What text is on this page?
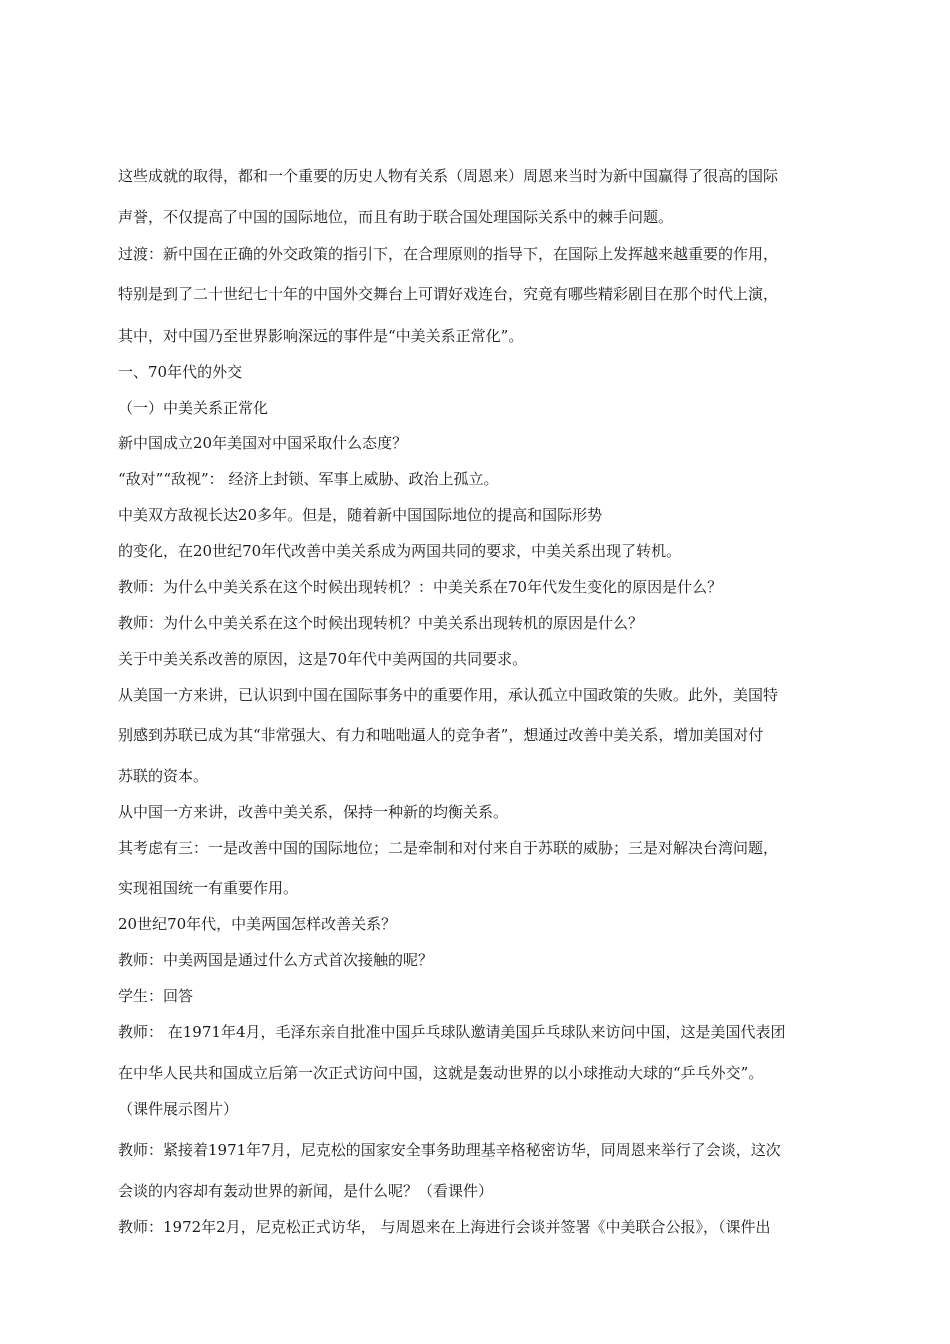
这些成就的取得，都和一个重要的历史人物有关系（周恩来）周恩来当时为新中国赢得了很高的国际
声誉，不仅提高了中国的国际地位，而且有助于联合国处理国际关系中的棘手问题。
过渡：新中国在正确的外交政策的指引下，在合理原则的指导下，在国际上发挥越来越重要的作用，
特别是到了二十世纪七十年的中国外交舞台上可谓好戏连台，究竟有哪些精彩剧目在那个时代上演，
其中，对中国乃至世界影响深远的事件是“中美关系正常化”。
一、70年代的外交
（一）中美关系正常化
新中国成立20年美国对中国采取什么态度？
“敌对”“敌视”： 经济上封锁、军事上威胁、政治上孤立。
中美双方敌视长达20多年。但是，随着新中国国际地位的提高和国际形势
的变化，在20世纪70年代改善中美关系成为两国共同的要求，中美关系出现了转机。
教师：为什么中美关系在这个时候出现转机？：中美关系在70年代发生变化的原因是什么？
教师：为什么中美关系在这个时候出现转机？中美关系出现转机的原因是什么？
关于中美关系改善的原因，这是70年代中美两国的共同要求。
从美国一方来讲，已认识到中国在国际事务中的重要作用，承认孤立中国政策的失败。此外，美国特
别感到苏联已成为其“非常强大、有力和咄咄逼人的竞争者”，想通过改善中美关系，增加美国对付
苏联的资本。
从中国一方来讲，改善中美关系，保持一种新的均衡关系。
其考虑有三：一是改善中国的国际地位；二是牵制和对付来自于苏联的威胁；三是对解决台湾问题，
实现祖国统一有重要作用。
20世纪70年代，中美两国怎样改善关系？
教师：中美两国是通过什么方式首次接触的呢？
学生：回答
教师： 在1971年4月，毛泽东亲自批准中国乒乓球队邀请美国乒乓球队来访问中国，这是美国代表团
在中华人民共和国成立后第一次正式访问中国，这就是轰动世界的以小球推动大球的“乒乓外交”。
（课件展示图片）
教师：紧接着1971年7月，尼克松的国家安全事务助理基辛格秘密访华，同周恩来举行了会谈，这次
会谈的内容却有轰动世界的新闻，是什么呢？（看课件）
教师：1972年2月，尼克松正式访华， 与周恩来在上海进行会谈并签署《中美联合公报》，（课件出
